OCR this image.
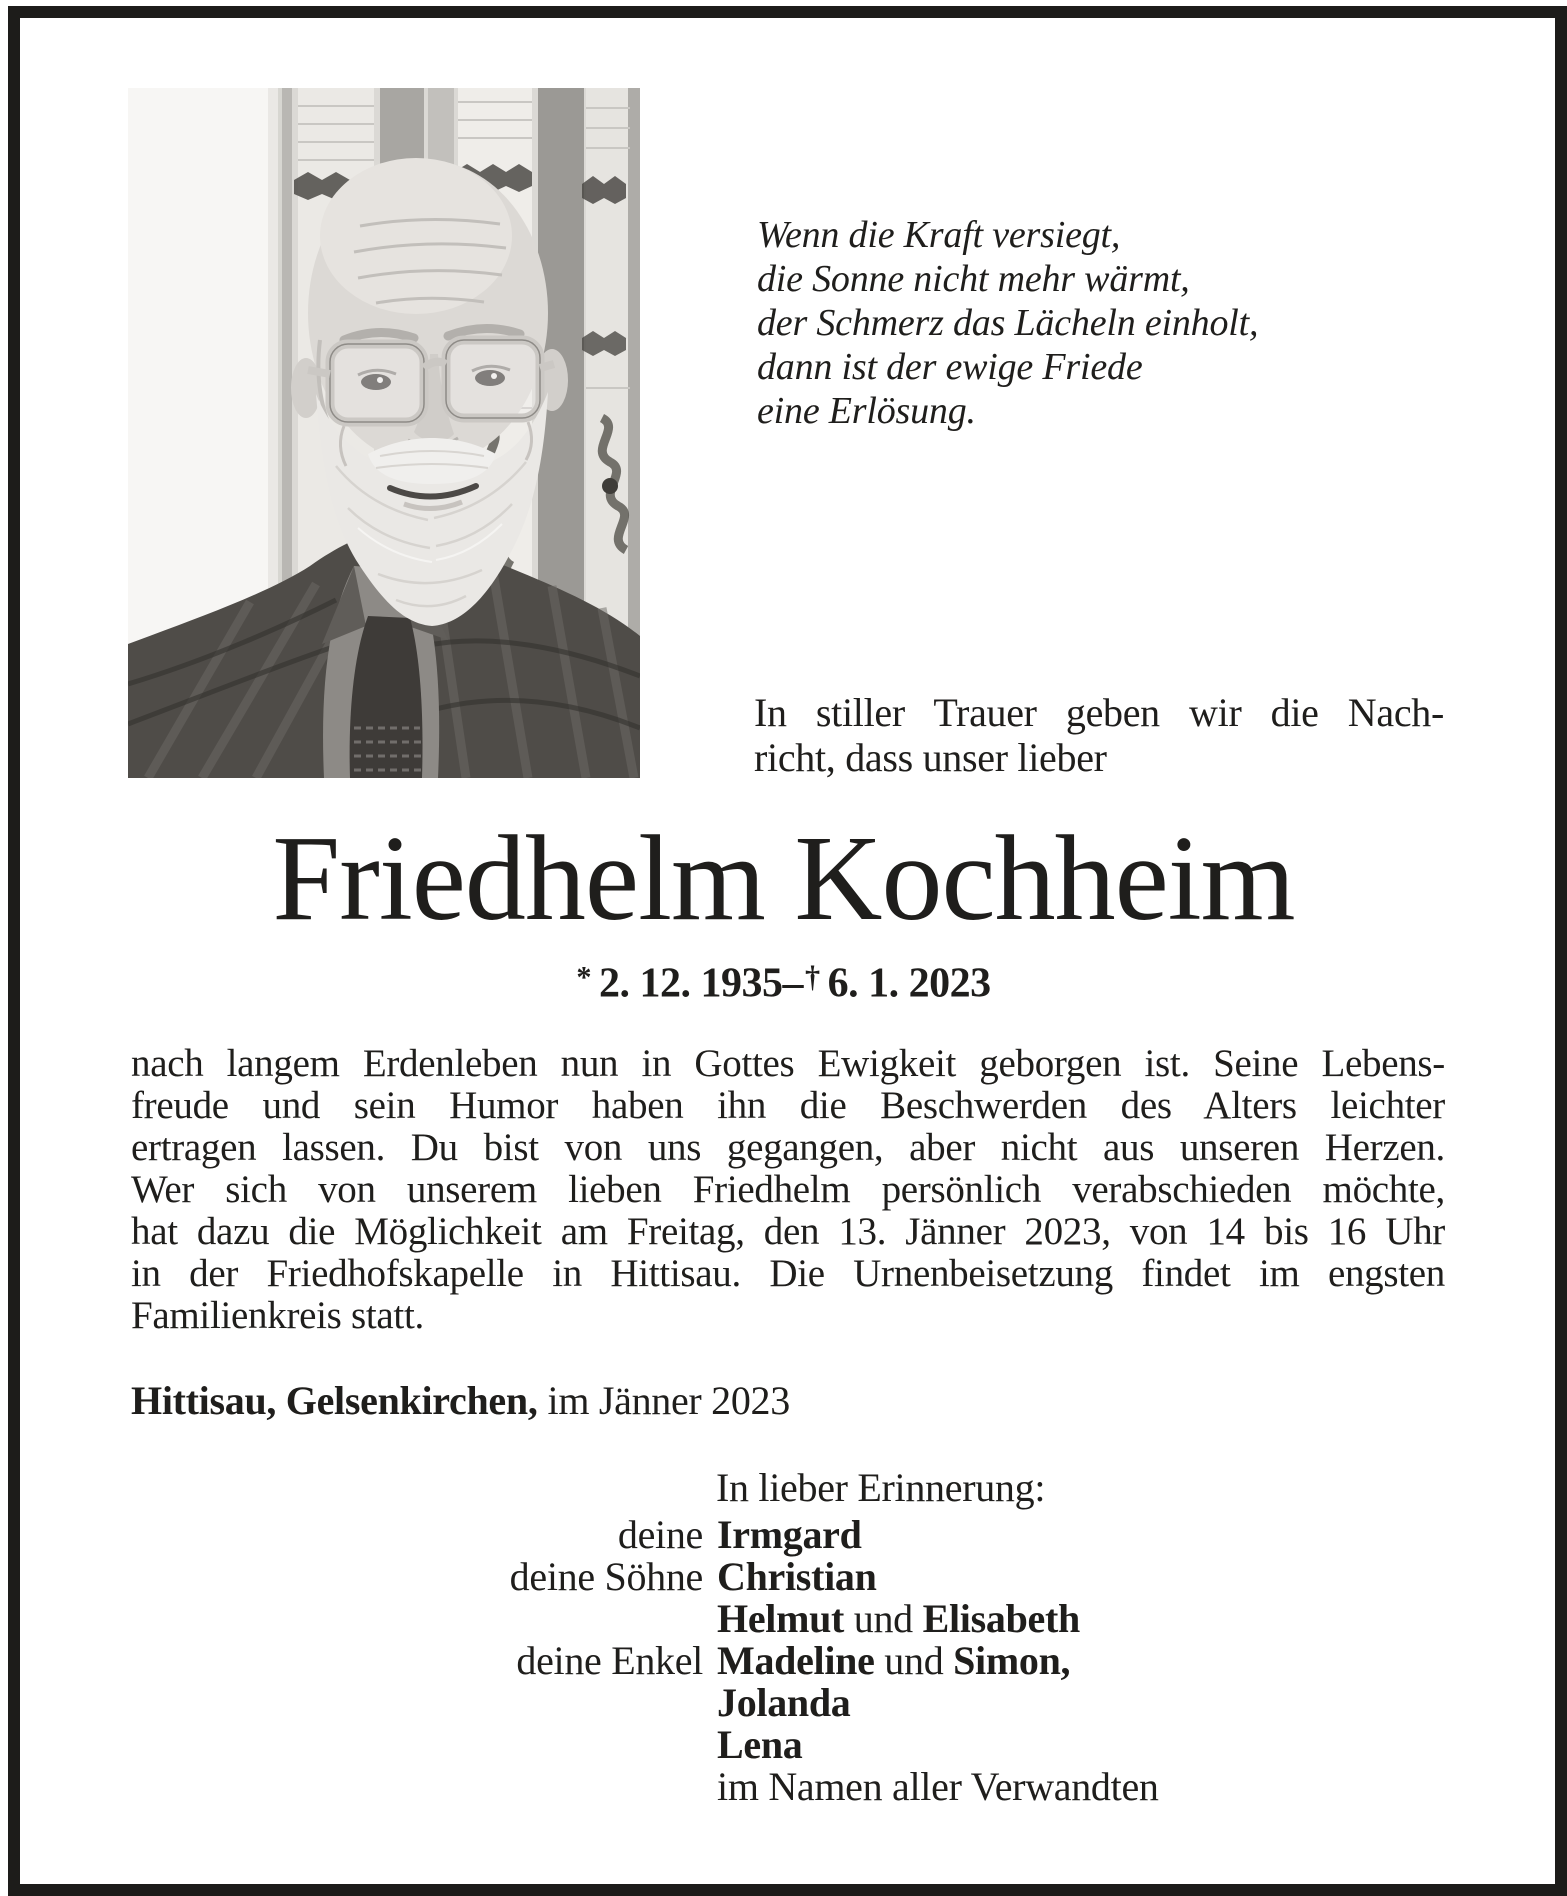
Wenn die Kraft versiegt,
die Sonne nicht mehr wärmt,
der Schmerz das Lächeln einholt,
dann ist der ewige Friede
eine Erlösung.
In stiller Trauer geben wir die Nach-
richt, dass unser lieber
Friedhelm Kochheim
* 2. 12. 1935–† 6. 1. 2023
nach langem Erdenleben nun in Gottes Ewigkeit geborgen ist. Seine Lebens-
freude und sein Humor haben ihn die Beschwerden des Alters leichter
ertragen lassen. Du bist von uns gegangen, aber nicht aus unseren Herzen.
Wer sich von unserem lieben Friedhelm persönlich verabschieden möchte,
hat dazu die Möglichkeit am Freitag, den 13. Jänner 2023, von 14 bis 16 Uhr
in der Friedhofskapelle in Hittisau. Die Urnenbeisetzung findet im engsten
Familienkreis statt.
Hittisau, Gelsenkirchen, im Jänner 2023
In lieber Erinnerung:
deine Irmgard
deine Söhne Christian
Helmut und Elisabeth
deine Enkel Madeline und Simon,
Jolanda
Lena
im Namen aller Verwandten
